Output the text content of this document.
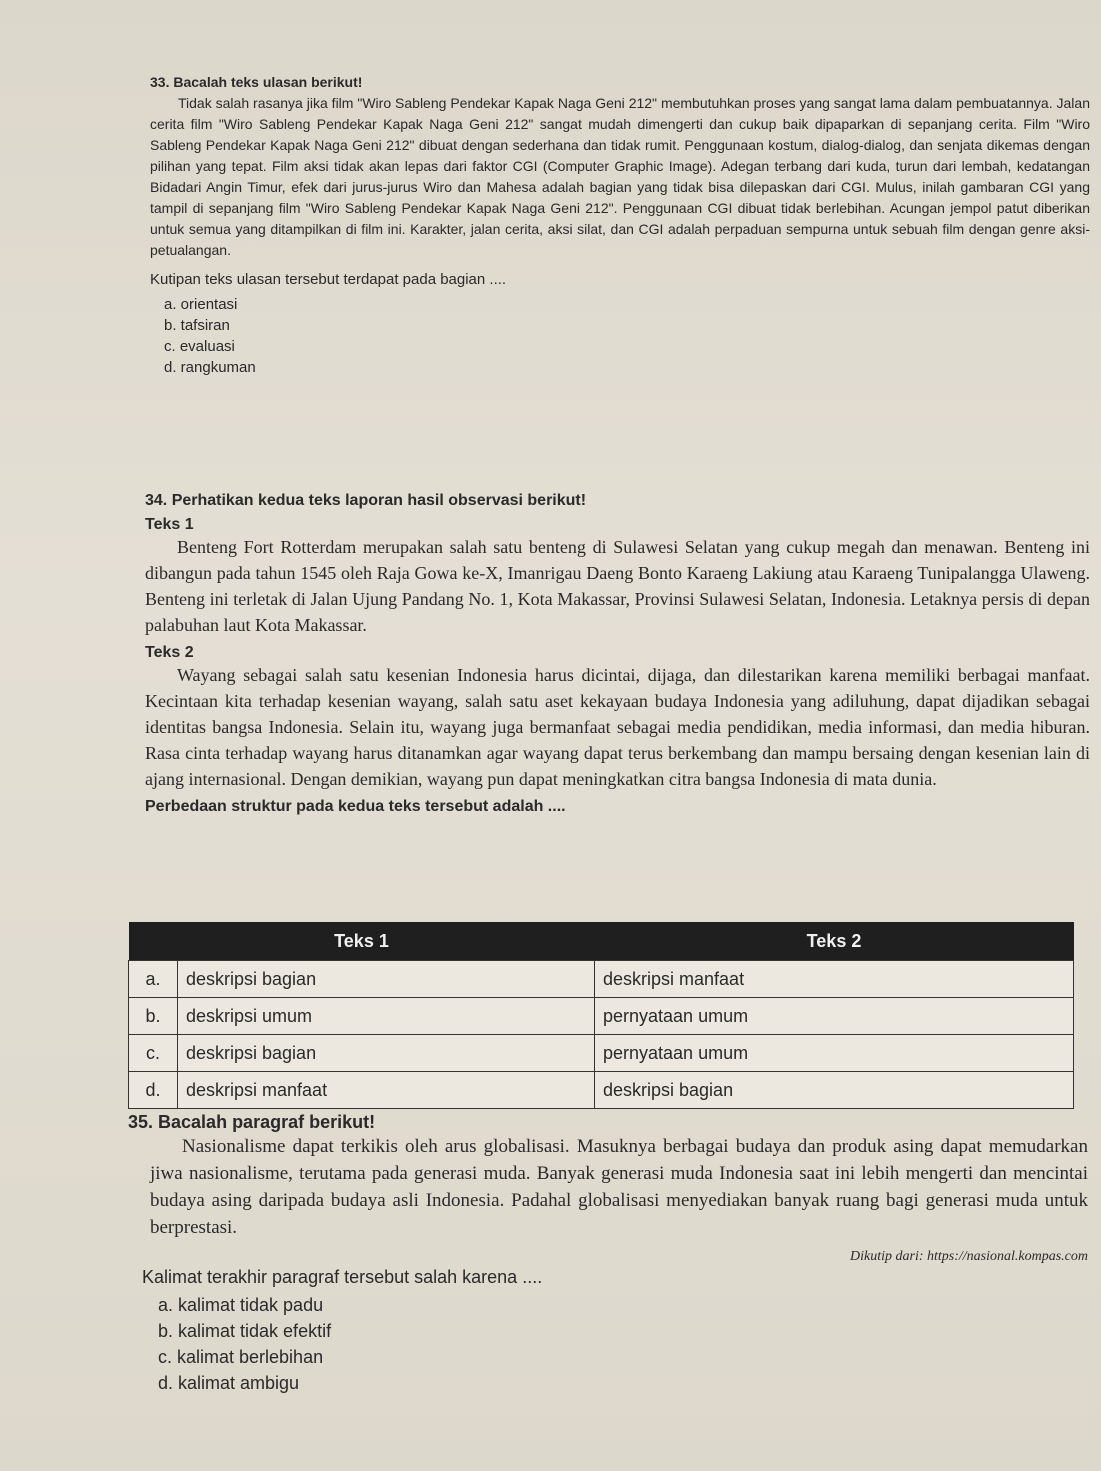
33. Bacalah teks ulasan berikut!

Tidak salah rasanya jika film "Wiro Sableng Pendekar Kapak Naga Geni 212" membutuhkan proses yang sangat lama dalam pembuatannya. Jalan cerita film "Wiro Sableng Pendekar Kapak Naga Geni 212" sangat mudah dimengerti dan cukup baik dipaparkan di sepanjang cerita. Film "Wiro Sableng Pendekar Kapak Naga Geni 212" dibuat dengan sederhana dan tidak rumit. Penggunaan kostum, dialog-dialog, dan senjata dikemas dengan pilihan yang tepat. Film aksi tidak akan lepas dari faktor CGI (Computer Graphic Image). Adegan terbang dari kuda, turun dari lembah, kedatangan Bidadari Angin Timur, efek dari jurus-jurus Wiro dan Mahesa adalah bagian yang tidak bisa dilepaskan dari CGI. Mulus, inilah gambaran CGI yang tampil di sepanjang film "Wiro Sableng Pendekar Kapak Naga Geni 212". Penggunaan CGI dibuat tidak berlebihan. Acungan jempol patut diberikan untuk semua yang ditampilkan di film ini. Karakter, jalan cerita, aksi silat, dan CGI adalah perpaduan sempurna untuk sebuah film dengan genre aksi-petualangan.

Kutipan teks ulasan tersebut terdapat pada bagian ....
a. orientasi
b. tafsiran
c. evaluasi
d. rangkuman
34. Perhatikan kedua teks laporan hasil observasi berikut!
Teks 1

Benteng Fort Rotterdam merupakan salah satu benteng di Sulawesi Selatan yang cukup megah dan menawan. Benteng ini dibangun pada tahun 1545 oleh Raja Gowa ke-X, Imanrigau Daeng Bonto Karaeng Lakiung atau Karaeng Tunipalangga Ulaweng. Benteng ini terletak di Jalan Ujung Pandang No. 1, Kota Makassar, Provinsi Sulawesi Selatan, Indonesia. Letaknya persis di depan palabuhan laut Kota Makassar.

Teks 2

Wayang sebagai salah satu kesenian Indonesia harus dicintai, dijaga, dan dilestarikan karena memiliki berbagai manfaat. Kecintaan kita terhadap kesenian wayang, salah satu aset kekayaan budaya Indonesia yang adiluhung, dapat dijadikan sebagai identitas bangsa Indonesia. Selain itu, wayang juga bermanfaat sebagai media pendidikan, media informasi, dan media hiburan. Rasa cinta terhadap wayang harus ditanamkan agar wayang dapat terus berkembang dan mampu bersaing dengan kesenian lain di ajang internasional. Dengan demikian, wayang pun dapat meningkatkan citra bangsa Indonesia di mata dunia.

Perbedaan struktur pada kedua teks tersebut adalah ....
Teks 1		Teks 2
a.	deskripsi bagian	deskripsi manfaat
b.	deskripsi umum	pernyataan umum
c.	deskripsi bagian	pernyataan umum
d.	deskripsi manfaat	deskripsi bagian
35. Bacalah paragraf berikut!

Nasionalisme dapat terkikis oleh arus globalisasi. Masuknya berbagai budaya dan produk asing dapat memudarkan jiwa nasionalisme, terutama pada generasi muda. Banyak generasi muda Indonesia saat ini lebih mengerti dan mencintai budaya asing daripada budaya asli Indonesia. Padahal globalisasi menyediakan banyak ruang bagi generasi muda untuk berprestasi.

Dikutip dari: https://nasional.kompas.com
Kalimat terakhir paragraf tersebut salah karena ....
a. kalimat tidak padu
b. kalimat tidak efektif
c. kalimat berlebihan
d. kalimat ambigu
